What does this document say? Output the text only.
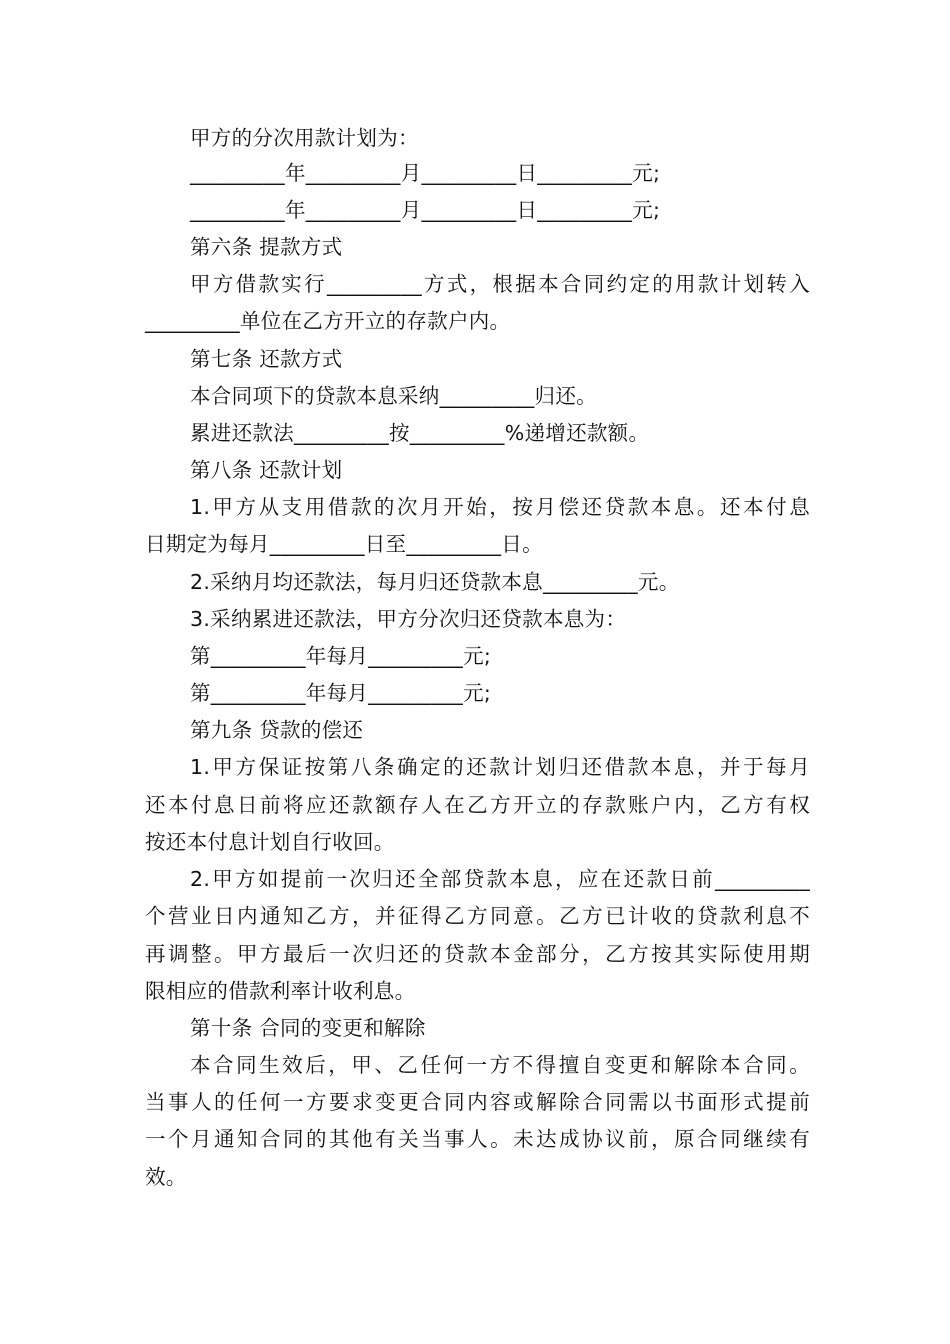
甲方的分次用款计划为：
_________年_________月_________日_________元;
_________年_________月_________日_________元;
第六条 提款方式
甲方借款实行_________方式，根据本合同约定的用款计划转入
_________单位在乙方开立的存款户内。
第七条 还款方式
本合同项下的贷款本息采纳_________归还。
累进还款法_________按_________%递增还款额。
第八条 还款计划
1.甲方从支用借款的次月开始，按月偿还贷款本息。还本付息
日期定为每月_________日至_________日。
2.采纳月均还款法，每月归还贷款本息_________元。
3.采纳累进还款法，甲方分次归还贷款本息为：
第_________年每月_________元;
第_________年每月_________元;
第九条 贷款的偿还
1.甲方保证按第八条确定的还款计划归还借款本息，并于每月
还本付息日前将应还款额存人在乙方开立的存款账户内，乙方有权
按还本付息计划自行收回。
2.甲方如提前一次归还全部贷款本息，应在还款日前_________
个营业日内通知乙方，并征得乙方同意。乙方已计收的贷款利息不
再调整。甲方最后一次归还的贷款本金部分，乙方按其实际使用期
限相应的借款利率计收利息。
第十条 合同的变更和解除
本合同生效后，甲、乙任何一方不得擅自变更和解除本合同。
当事人的任何一方要求变更合同内容或解除合同需以书面形式提前
一个月通知合同的其他有关当事人。未达成协议前，原合同继续有
效。
